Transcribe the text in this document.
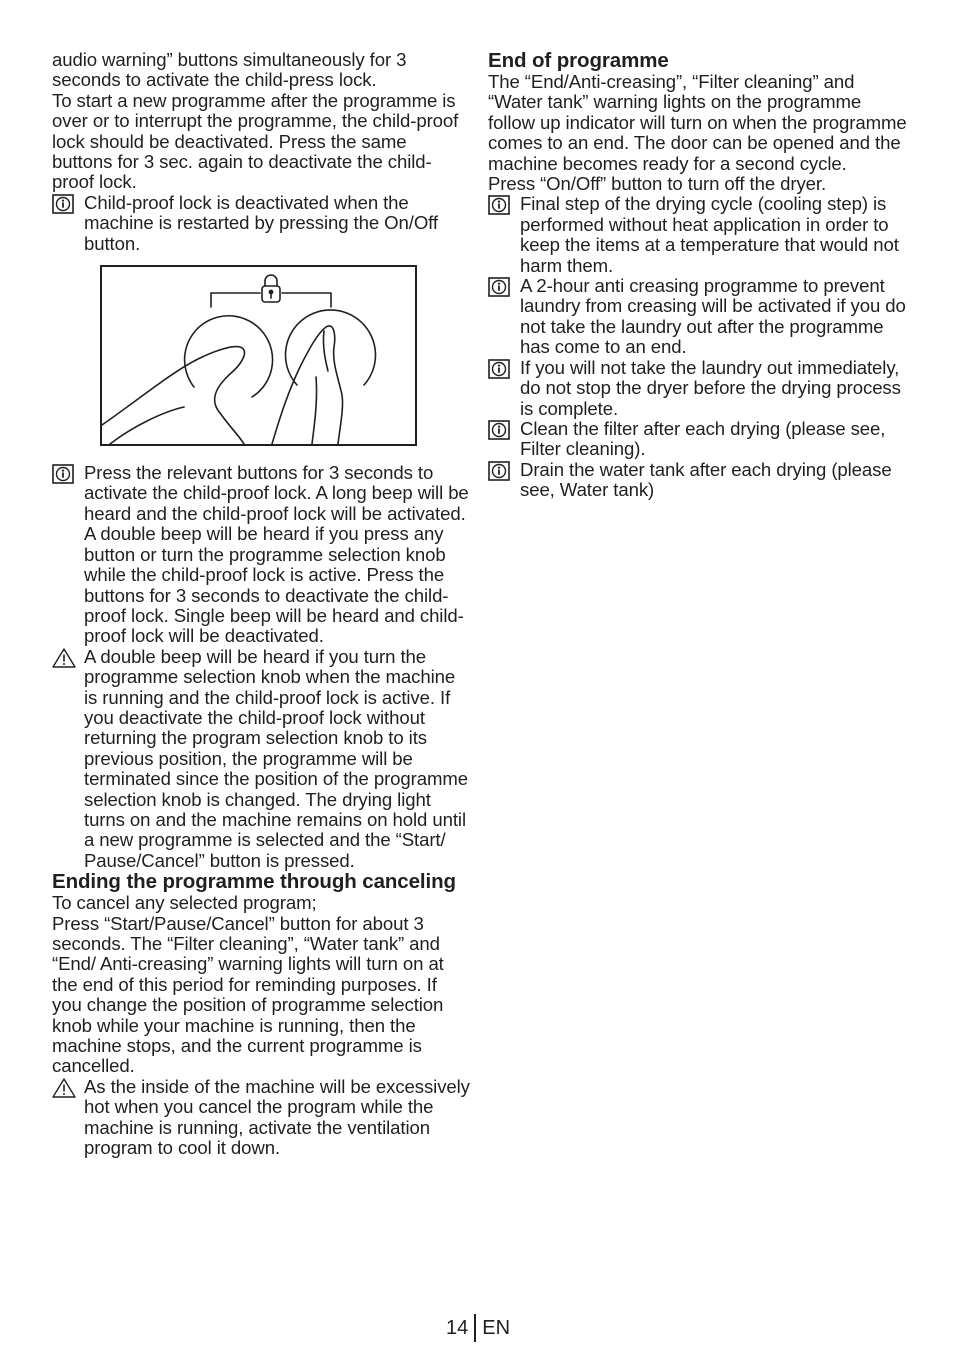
audio warning” buttons simultaneously for 3 seconds to activate the child-press lock.

To start a new programme after the programme is over or to interrupt the programme, the child-proof lock should be deactivated. Press the same buttons for 3 sec. again to deactivate the child-proof lock.

Child-proof lock is deactivated when the machine is restarted by pressing the On/Off button.

Press the relevant buttons for 3 seconds to activate the child-proof lock. A long beep will be heard and the child-proof lock will be activated. A double beep will be heard if you press any button or turn the programme selection knob while the child-proof lock is active. Press the buttons for 3 seconds to deactivate the child-proof lock. Single beep will be heard and child-proof lock will be deactivated.

A double beep will be heard if you turn the programme selection knob when the machine is running and the child-proof lock is active. If you deactivate the child-proof lock without returning the program selection knob to its previous position, the programme will be terminated since the position of the programme selection knob is changed. The drying light turns on and the machine remains on hold until a new programme is selected and the “Start/ Pause/Cancel” button is pressed.

Ending the programme through canceling

To cancel any selected program;

Press “Start/Pause/Cancel” button for about 3 seconds. The “Filter cleaning”, “Water tank” and “End/ Anti-creasing” warning lights will turn on at the end of this period for reminding purposes. If you change the position of programme selection knob while your machine is running, then the machine stops, and the current programme is cancelled.

As the inside of the machine will be excessively hot when you cancel the program while the machine is running, activate the ventilation program to cool it down.

End of programme

The “End/Anti-creasing”, “Filter cleaning” and “Water tank” warning lights on the programme follow up indicator will turn on when the programme comes to an end. The door can be opened and the machine becomes ready for a second cycle.

Press “On/Off” button to turn off the dryer.

Final step of the drying cycle (cooling step) is performed without heat application in order to keep the items at a temperature that would not harm them.

A 2-hour anti creasing programme to prevent laundry from creasing will be activated if you do not take the laundry out after the programme has come to an end.

If you will not take the laundry out immediately, do not stop the dryer before the drying process is complete.

Clean the filter after each drying (please see, Filter cleaning).

Drain the water tank after each drying (please see, Water tank)

14 EN
